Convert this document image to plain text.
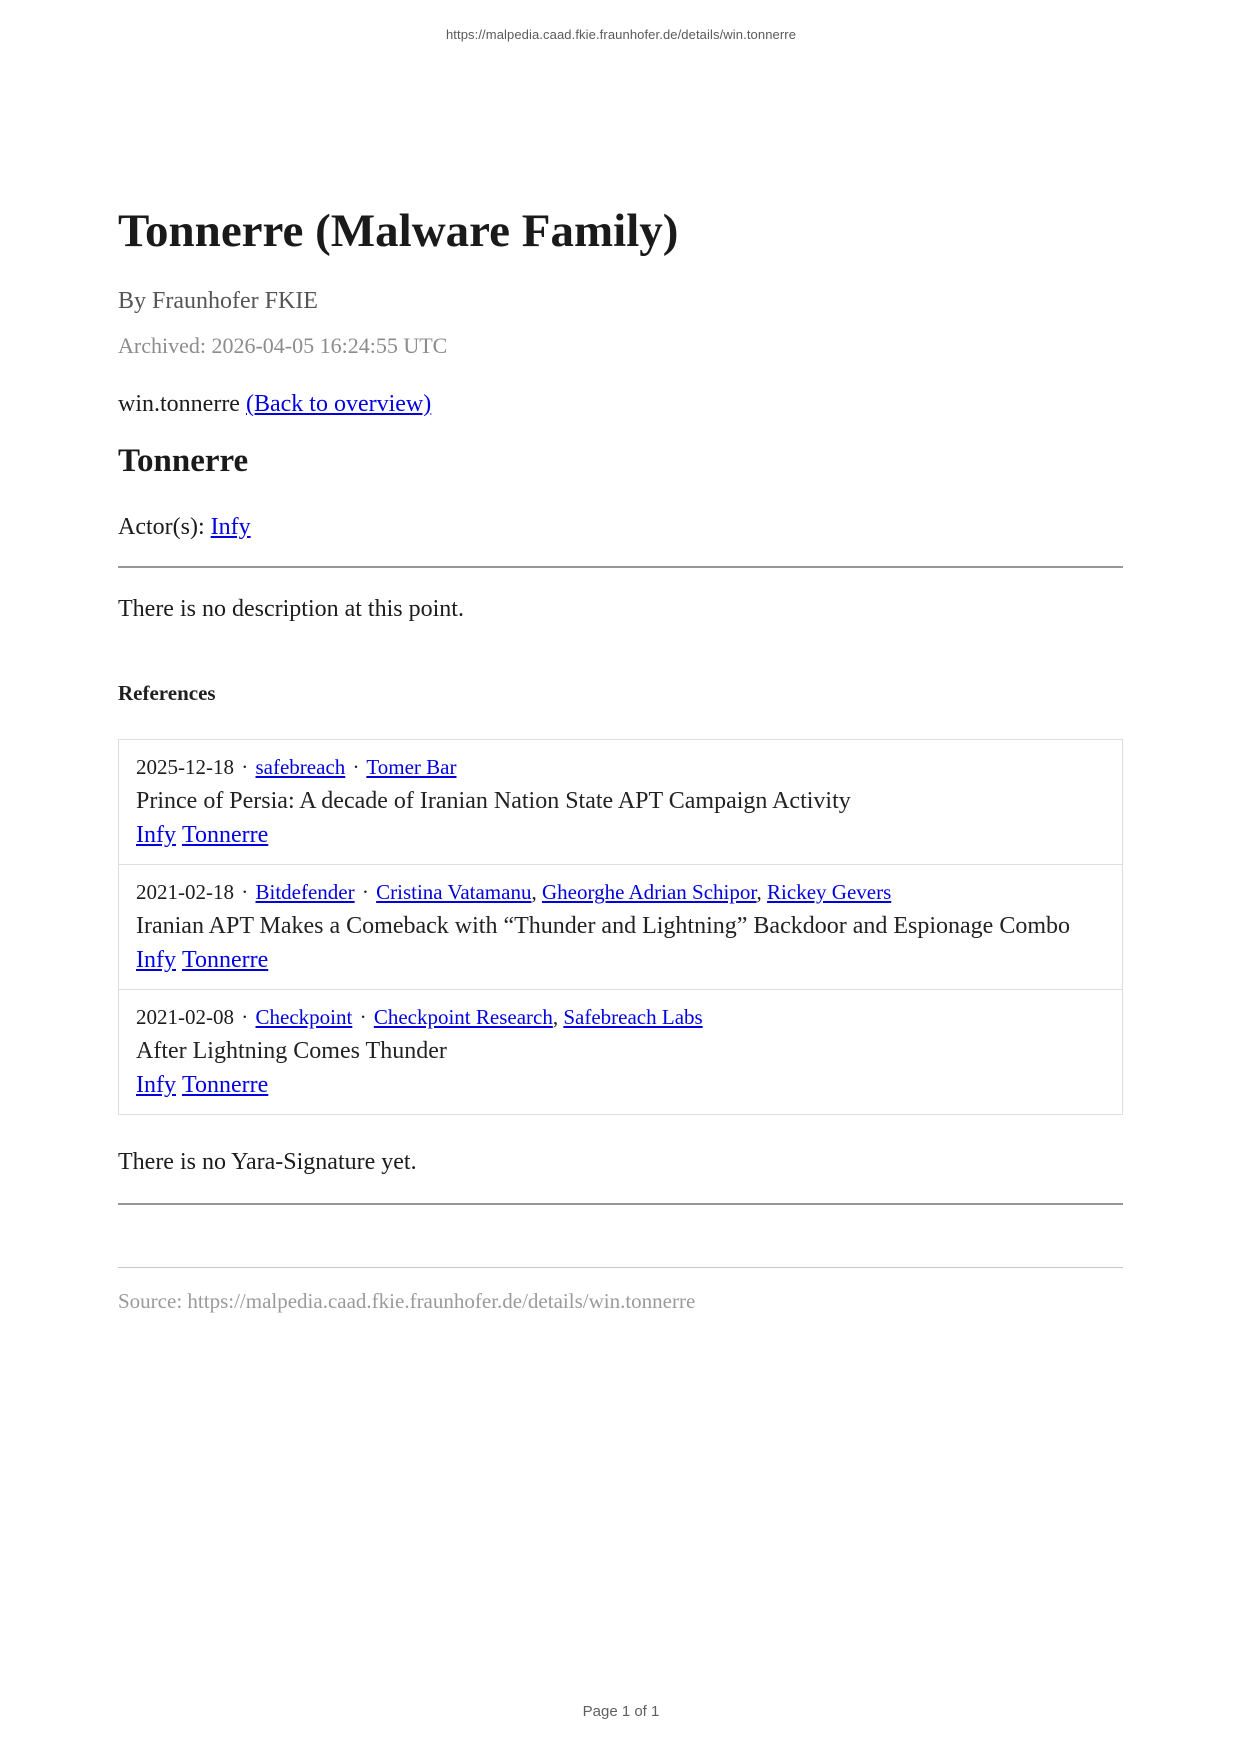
https://malpedia.caad.fkie.fraunhofer.de/details/win.tonnerre
Tonnerre (Malware Family)
By Fraunhofer FKIE
Archived: 2026-04-05 16:24:55 UTC
win.tonnerre (Back to overview)
Tonnerre
Actor(s): Infy
There is no description at this point.
References
2025-12-18 · safebreach · Tomer Bar
Prince of Persia: A decade of Iranian Nation State APT Campaign Activity
Infy Tonnerre
2021-02-18 · Bitdefender · Cristina Vatamanu, Gheorghe Adrian Schipor, Rickey Gevers
Iranian APT Makes a Comeback with “Thunder and Lightning” Backdoor and Espionage Combo
Infy Tonnerre
2021-02-08 · Checkpoint · Checkpoint Research, Safebreach Labs
After Lightning Comes Thunder
Infy Tonnerre
There is no Yara-Signature yet.
Source: https://malpedia.caad.fkie.fraunhofer.de/details/win.tonnerre
Page 1 of 1
